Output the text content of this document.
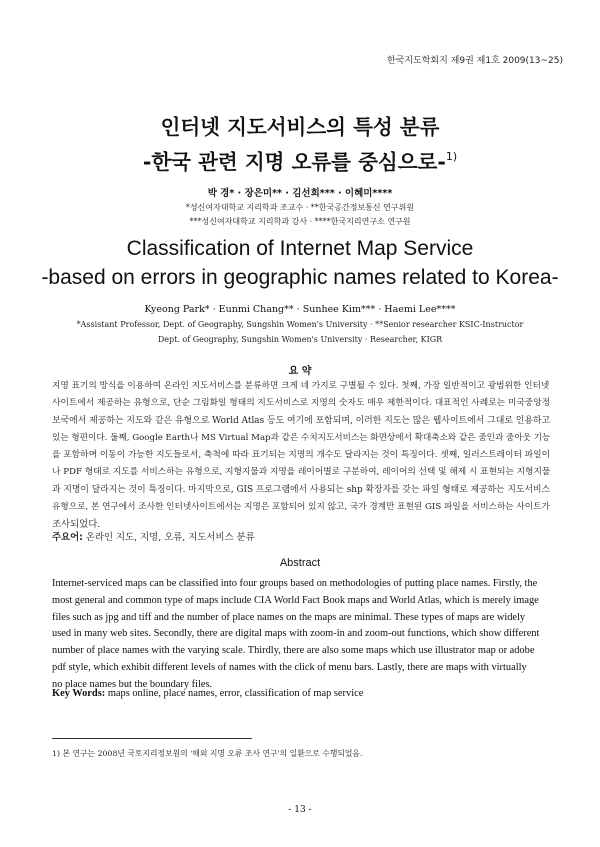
한국지도학회지 제9권 제1호 2009(13~25)
인터넷 지도서비스의 특성 분류
-한국 관련 지명 오류를 중심으로-$^{1)}$
박 경* · 장은미** · 김선희*** · 이혜미****
*성신여자대학교 지리학과 조교수 · **한국공간정보통신 연구위원
***성신여자대학교 지리학과 강사 · ****한국지리연구소 연구원
Classification of Internet Map Service
-based on errors in geographic names related to Korea-
Kyeong Park* · Eunmi Chang** · Sunhee Kim*** · Haemi Lee****
*Assistant Professor, Dept. of Geography, Sungshin Women's University · **Senior researcher KSIC-Instructor
Dept. of Geography, Sungshin Women's University · Researcher, KIGR
요 약
지명 표기의 방식을 이용하여 온라인 지도서비스를 분류하면 크게 네 가지로 구별될 수 있다. 첫째, 가장 일반적이고 광범위한 인터넷
사이트에서 제공하는 유형으로, 단순 그림화일 형태의 지도서비스로 지명의 숫자도 매우 제한적이다. 대표적인 사례로는 미국중앙정
보국에서 제공하는 지도와 같은 유형으로 World Atlas 등도 여기에 포함되며, 이러한 지도는 많은 웹사이트에서 그대로 인용하고
있는 형편이다. 둘째, Google Earth나 MS Virtual Map과 같은 수치지도서비스는 화면상에서 확대축소와 같은 줌인과 줌아웃 기능
을 포함하며 이동이 가능한 지도들로서, 축척에 따라 표기되는 지명의 개수도 달라지는 것이 특징이다. 셋째, 일러스트레이터 파일이
나 PDF 형태로 지도를 서비스하는 유형으로, 지형지물과 지명을 레이어별로 구분하여, 레이어의 선택 및 해제 시 표현되는 지형지물
과 지명이 달라지는 것이 특징이다. 마지막으로, GIS 프로그램에서 사용되는 shp 확장자를 갖는 파일 형태로 제공하는 지도서비스
유형으로, 본 연구에서 조사한 인터넷사이트에서는 지명은 포함되어 있지 않고, 국가 경계만 표현된 GIS 파일을 서비스하는 사이트가
조사되었다.
주요어: 온라인 지도, 지명, 오류, 지도서비스 분류
Abstract
Internet-serviced maps can be classified into four groups based on methodologies of putting place names. Firstly, the
most general and common type of maps include CIA World Fact Book maps and World Atlas, which is merely image
files such as jpg and tiff and the number of place names on the maps are minimal. These types of maps are widely
used in many web sites. Secondly, there are digital maps with zoom-in and zoom-out functions, which show different
number of place names with the varying scale. Thirdly, there are also some maps which use illustrator map or adobe
pdf style, which exhibit different levels of names with the click of menu bars. Lastly, there are maps with virtually
no place names but the boundary files.
Key Words: maps online, place names, error, classification of map service
1) 본 연구는 2008년 국토지리정보원의 '해외 지명 오류 조사 연구'의 일환으로 수행되었음.
- 13 -
